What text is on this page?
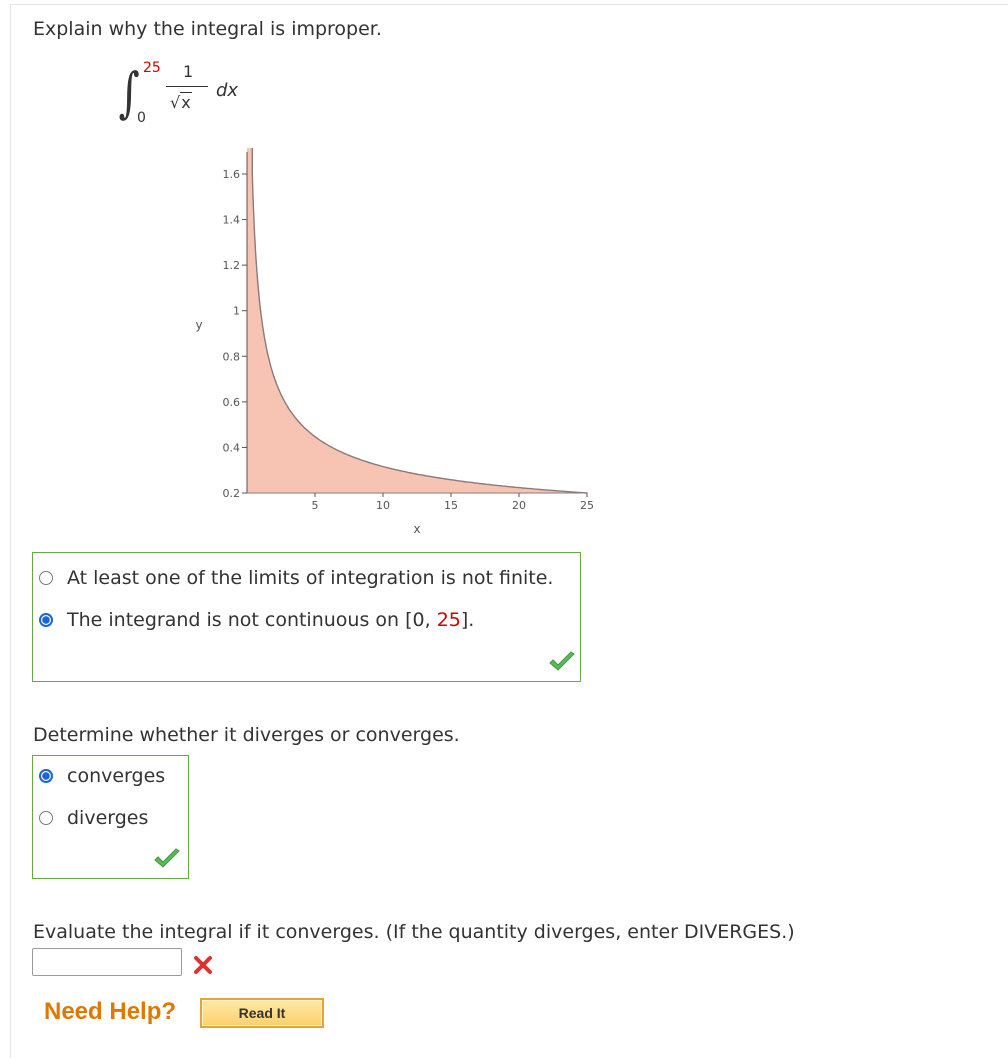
Explain why the integral is improper.
∫ 25
0
1
√x
dx
0.2
0.4
0.6
0.8
1
1.2
1.4
1.6
5	10	15	20	25
x
y
At least one of the limits of integration is not finite.
The integrand is not continuous on [0, 25].
Determine whether it diverges or converges.
converges
diverges
Evaluate the integral if it converges. (If the quantity diverges, enter DIVERGES.)
Need Help?	Read It
